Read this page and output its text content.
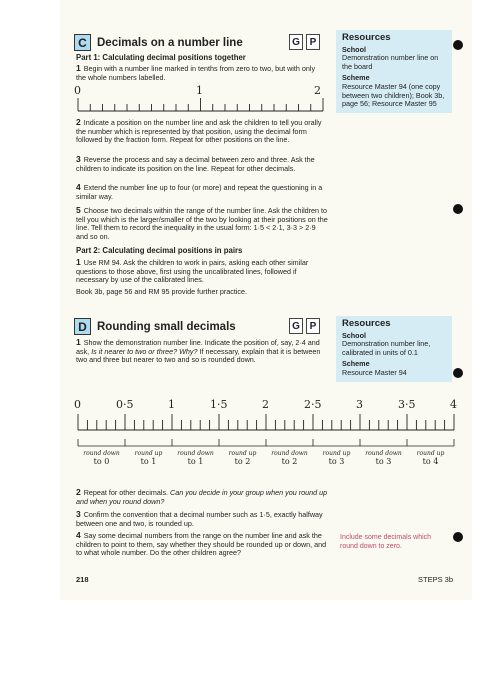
C Decimals on a number line	G P
Part 1: Calculating decimal positions together
1 Begin with a number line marked in tenths from zero to two, but with only the whole numbers labelled.
0	1	2
2 Indicate a position on the number line and ask the children to tell you orally the number which is represented by that position, using the decimal form followed by the fraction form. Repeat for other positions on the line.
3 Reverse the process and say a decimal between zero and three. Ask the children to indicate its position on the line. Repeat for other decimals.
4 Extend the number line up to four (or more) and repeat the questioning in a similar way.
5 Choose two decimals within the range of the number line. Ask the children to tell you which is the larger/smaller of the two by looking at their positions on the line. Tell them to record the inequality in the usual form: 1·5 < 2·1, 3·3 > 2·9 and so on.
Part 2: Calculating decimal positions in pairs
1 Use RM 94. Ask the children to work in pairs, asking each other similar questions to those above, first using the uncalibrated lines, followed if necessary by use of the calibrated lines.
Book 3b, page 56 and RM 95 provide further practice.
Resources
School
Demonstration number line on the board
Scheme
Resource Master 94 (one copy between two children); Book 3b, page 56; Resource Master 95
D Rounding small decimals	G P
1 Show the demonstration number line. Indicate the position of, say, 2·4 and ask, Is it nearer to two or three? Why? If necessary, explain that it is between two and three but nearer to two and so is rounded down.
Resources
School
Demonstration number line, calibrated in units of 0.1
Scheme
Resource Master 94
0	0·5	1	1·5	2	2·5	3	3·5	4
round down
to 0
round up
to 1
round down
to 1
round up
to 2
round down
to 2
round up
to 3
round down
to 3
round up
to 4
2 Repeat for other decimals. Can you decide in your group when you round up and when you round down?
3 Confirm the convention that a decimal number such as 1·5, exactly halfway between one and two, is rounded up.
4 Say some decimal numbers from the range on the number line and ask the children to point to them, say whether they should be rounded up or down, and to what whole number. Do the other children agree?
Include some decimals which round down to zero.
218	STEPS 3b
